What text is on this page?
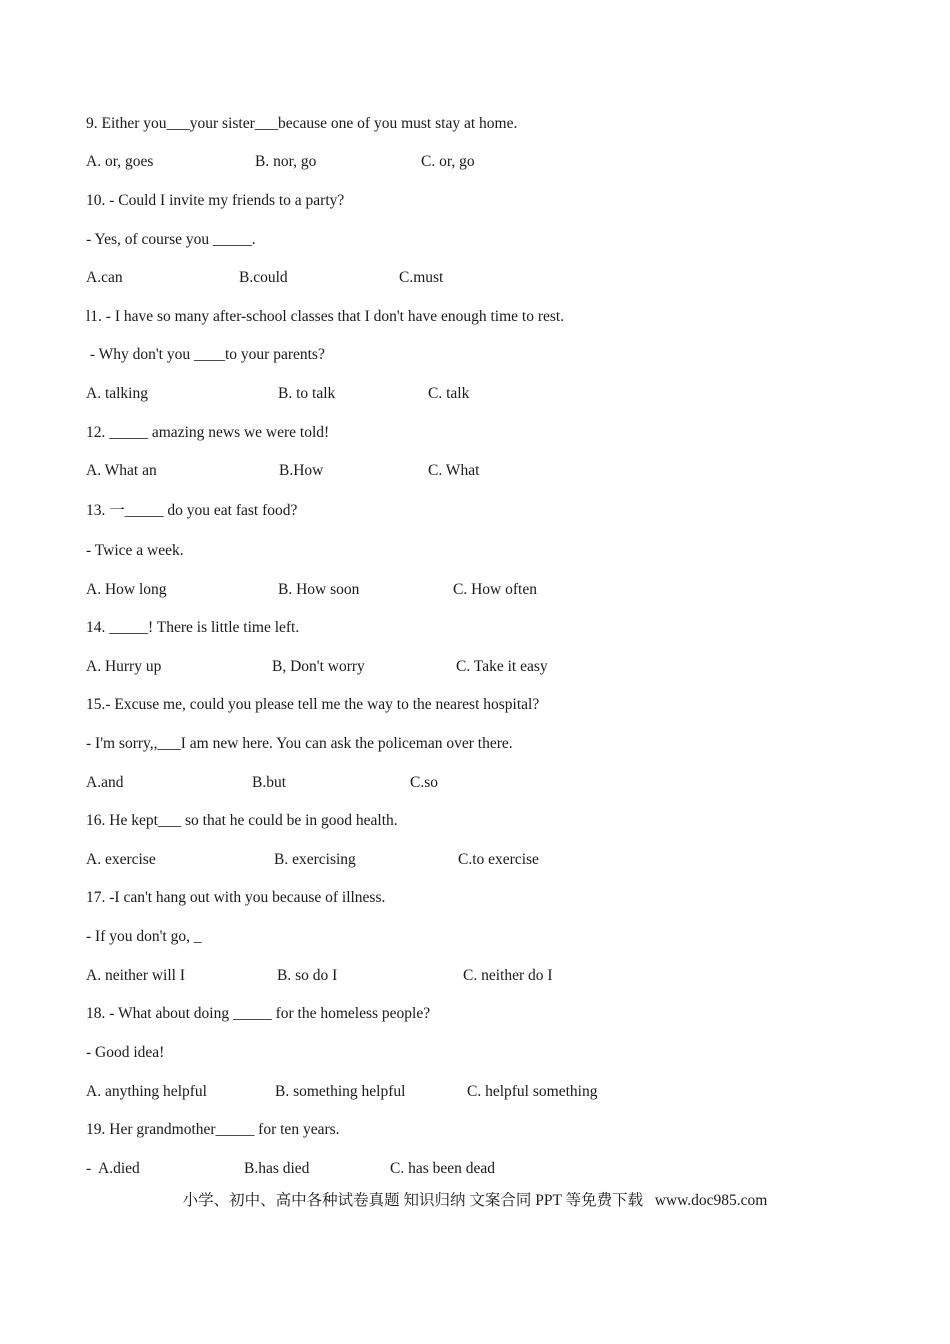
9. Either you___your sister___because one of you must stay at home.
A. or, goes	B. nor, go	C. or, go
10. - Could I invite my friends to a party?
- Yes, of course you _____.
A.can	B.could	C.must
l1. - I have so many after-school classes that I don't have enough time to rest.
- Why don't you ____to your parents?
A. talking	B. to talk	C. talk
12. _____ amazing news we were told!
A. What an	B.How	C. What
13. 一_____ do you eat fast food?
- Twice a week.
A. How long	B. How soon	C. How often
14. _____! There is little time left.
A. Hurry up	B, Don't worry	C. Take it easy
15.- Excuse me, could you please tell me the way to the nearest hospital?
- I'm sorry,,___I am new here. You can ask the policeman over there.
A.and	B.but	C.so
16. He kept___ so that he could be in good health.
A. exercise	B. exercising	C.to exercise
17. -I can't hang out with you because of illness.
- If you don't go, _
A. neither will I	B. so do I	C. neither do I
18. - What about doing _____ for the homeless people?
- Good idea!
A. anything helpful	B. something helpful	C. helpful something
19. Her grandmother_____ for ten years.
-  A.died	B.has died	C. has been dead
小学、初中、高中各种试卷真题 知识归纳 文案合同 PPT 等免费下载   www.doc985.com
